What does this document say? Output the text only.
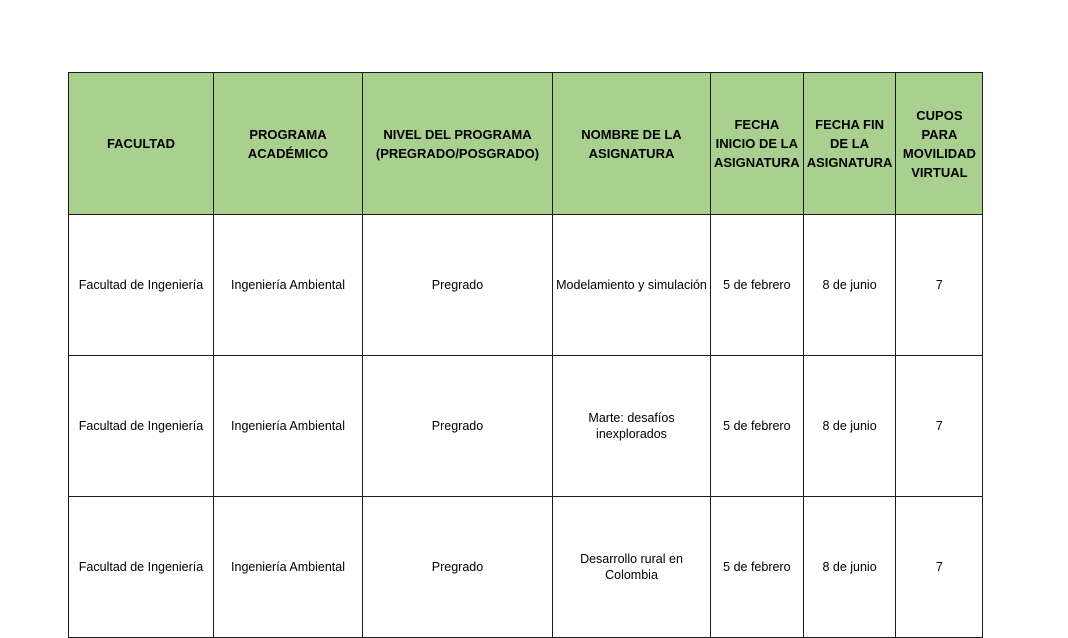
FACULTAD	PROGRAMA ACADÉMICO	NIVEL DEL PROGRAMA (PREGRADO/POSGRADO)	NOMBRE DE LA ASIGNATURA	FECHA INICIO DE LA ASIGNATURA	FECHA FIN DE LA ASIGNATURA	CUPOS PARA MOVILIDAD VIRTUAL
Facultad de Ingeniería	Ingeniería Ambiental	Pregrado	Modelamiento y simulación	5 de febrero	8 de junio	7
Facultad de Ingeniería	Ingeniería Ambiental	Pregrado	Marte: desafíos inexplorados	5 de febrero	8 de junio	7
Facultad de Ingeniería	Ingeniería Ambiental	Pregrado	Desarrollo rural en Colombia	5 de febrero	8 de junio	7
